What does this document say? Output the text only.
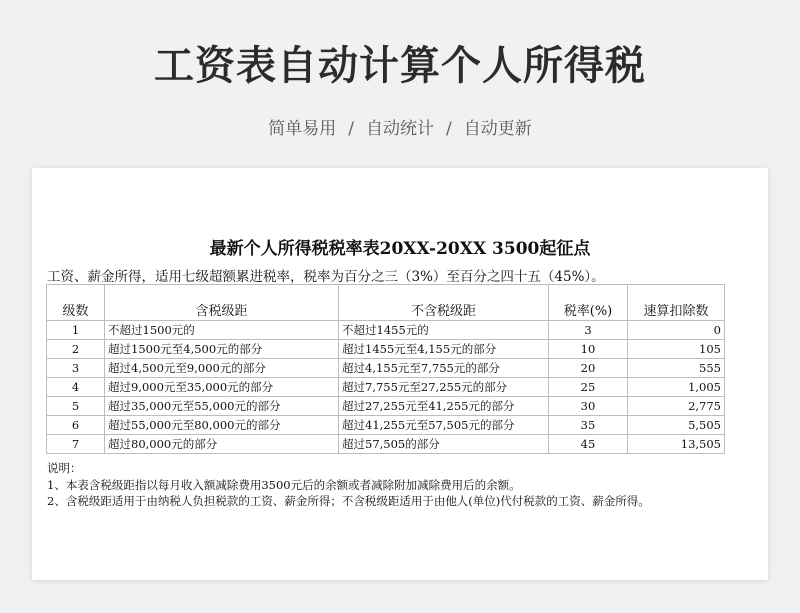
工资表自动计算个人所得税
简单易用 / 自动统计 / 自动更新
最新个人所得税税率表20XX-20XX 3500起征点
工资、薪金所得，适用七级超额累进税率，税率为百分之三（3%）至百分之四十五（45%）。
级数	含税级距	不含税级距	税率(%)	速算扣除数
1	不超过1500元的	不超过1455元的	3	0
2	超过1500元至4,500元的部分	超过1455元至4,155元的部分	10	105
3	超过4,500元至9,000元的部分	超过4,155元至7,755元的部分	20	555
4	超过9,000元至35,000元的部分	超过7,755元至27,255元的部分	25	1,005
5	超过35,000元至55,000元的部分	超过27,255元至41,255元的部分	30	2,775
6	超过55,000元至80,000元的部分	超过41,255元至57,505元的部分	35	5,505
7	超过80,000元的部分	超过57,505的部分	45	13,505
说明：
1、本表含税级距指以每月收入额减除费用3500元后的余额或者减除附加减除费用后的余额。
2、含税级距适用于由纳税人负担税款的工资、薪金所得；不含税级距适用于由他人(单位)代付税款的工资、薪金所得。
